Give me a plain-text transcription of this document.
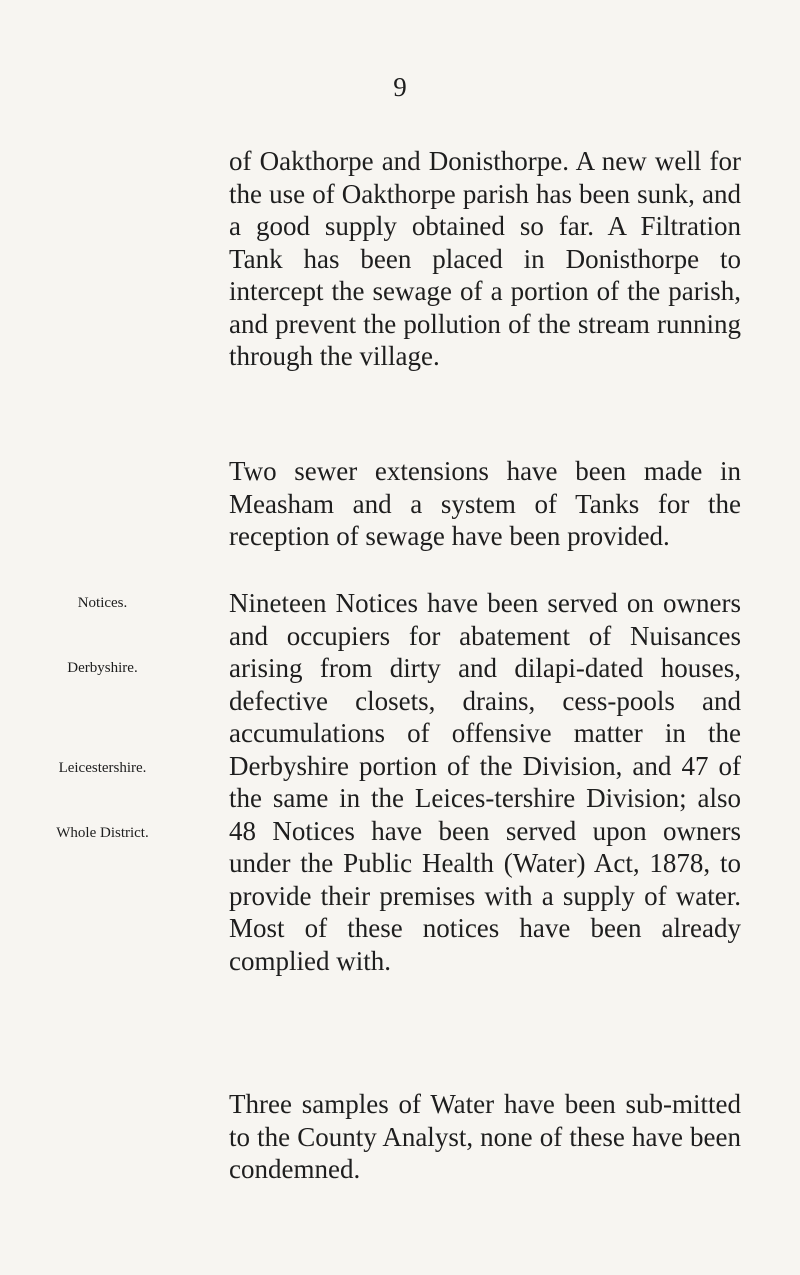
9

of Oakthorpe and Donisthorpe. A new well for the use of Oakthorpe parish has been sunk, and a good supply obtained so far. A Filtration Tank has been placed in Donisthorpe to intercept the sewage of a portion of the parish, and prevent the pollution of the stream running through the village.

Two sewer extensions have been made in Measham and a system of Tanks for the reception of sewage have been provided.

Nineteen Notices have been served on owners and occupiers for abatement of Nuisances arising from dirty and dilapi-dated houses, defective closets, drains, cess-pools and accumulations of offensive matter in the Derbyshire portion of the Division, and 47 of the same in the Leices-tershire Division; also 48 Notices have been served upon owners under the Public Health (Water) Act, 1878, to provide their premises with a supply of water. Most of these notices have been already complied with.

Three samples of Water have been sub-mitted to the County Analyst, none of these have been condemned.

Notices.
Derbyshire.
Leicestershire.
Whole District.
